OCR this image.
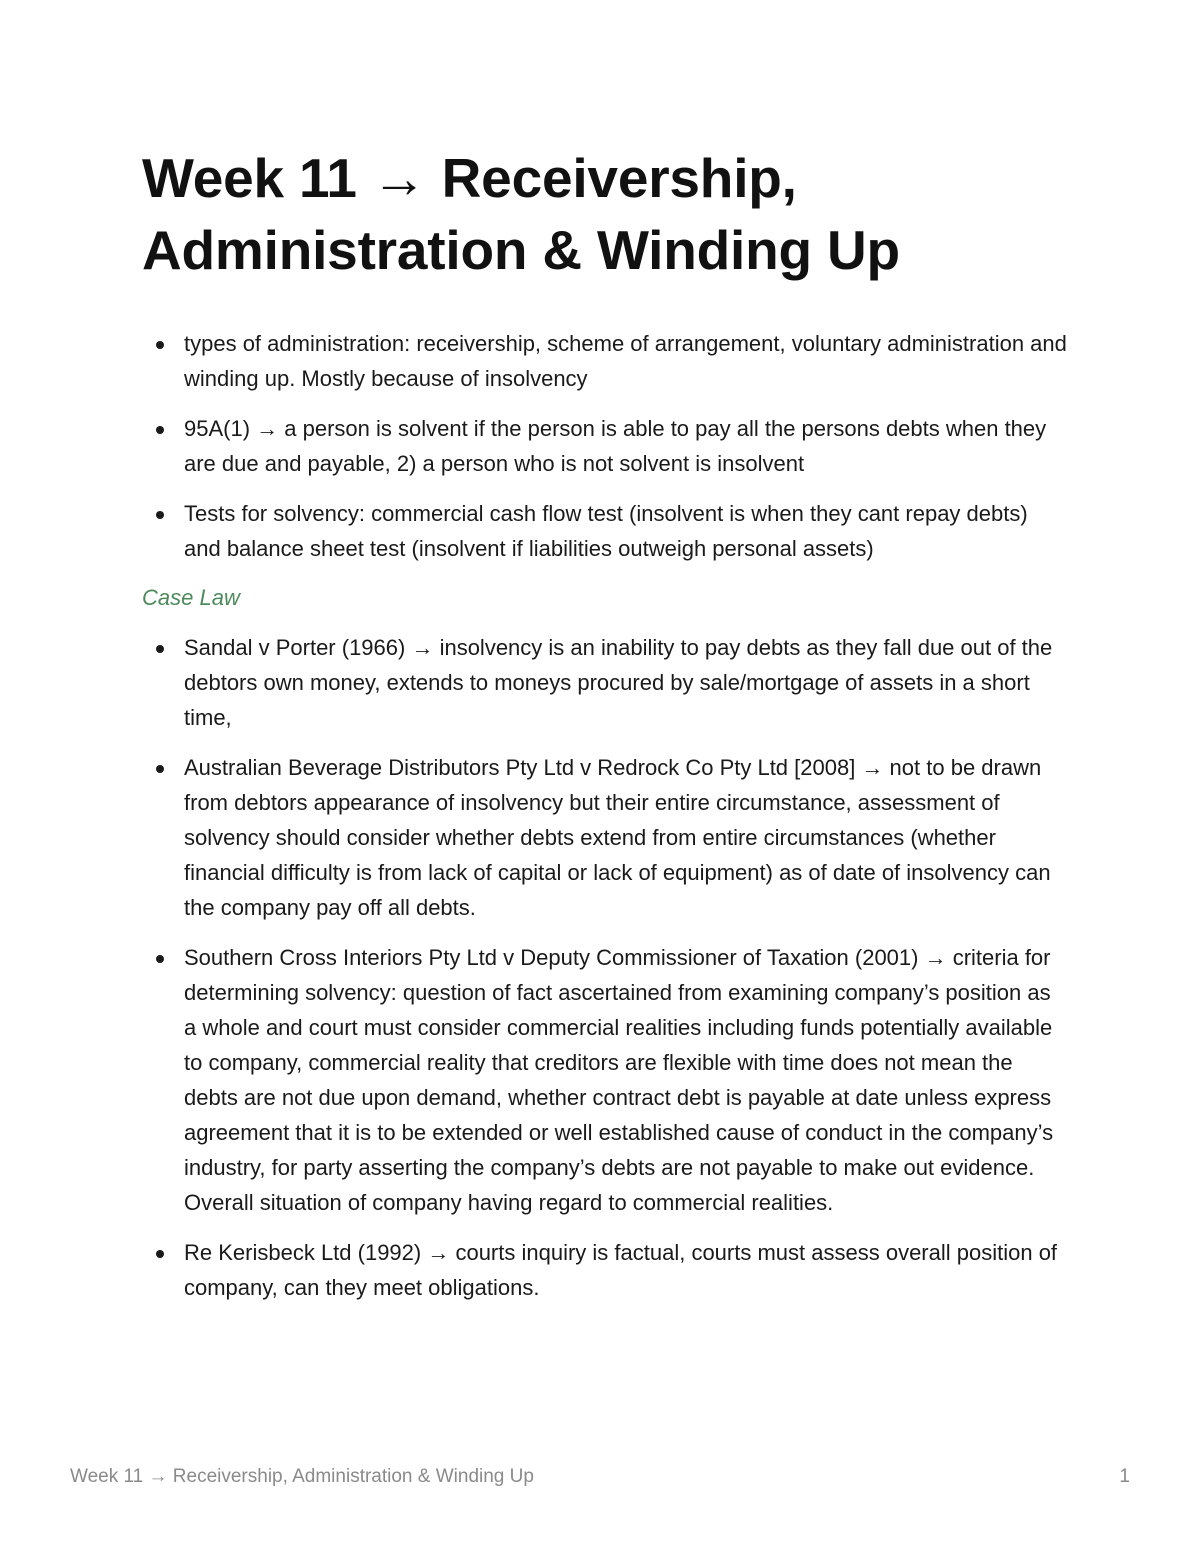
Week 11 → Receivership, Administration & Winding Up
types of administration: receivership, scheme of arrangement, voluntary administration and winding up. Mostly because of insolvency
95A(1) → a person is solvent if the person is able to pay all the persons debts when they are due and payable, 2) a person who is not solvent is insolvent
Tests for solvency: commercial cash flow test (insolvent is when they cant repay debts) and balance sheet test (insolvent if liabilities outweigh personal assets)
Case Law
Sandal v Porter (1966) → insolvency is an inability to pay debts as they fall due out of the debtors own money, extends to moneys procured by sale/mortgage of assets in a short time,
Australian Beverage Distributors Pty Ltd v Redrock Co Pty Ltd [2008] → not to be drawn from debtors appearance of insolvency but their entire circumstance, assessment of solvency should consider whether debts extend from entire circumstances (whether financial difficulty is from lack of capital or lack of equipment) as of date of insolvency can the company pay off all debts.
Southern Cross Interiors Pty Ltd v Deputy Commissioner of Taxation (2001) → criteria for determining solvency: question of fact ascertained from examining company’s position as a whole and court must consider commercial realities including funds potentially available to company, commercial reality that creditors are flexible with time does not mean the debts are not due upon demand, whether contract debt is payable at date unless express agreement that it is to be extended or well established cause of conduct in the company’s industry, for party asserting the company’s debts are not payable to make out evidence. Overall situation of company having regard to commercial realities.
Re Kerisbeck Ltd (1992) → courts inquiry is factual, courts must assess overall position of company, can they meet obligations.
Week 11 → Receivership, Administration & Winding Up	1
